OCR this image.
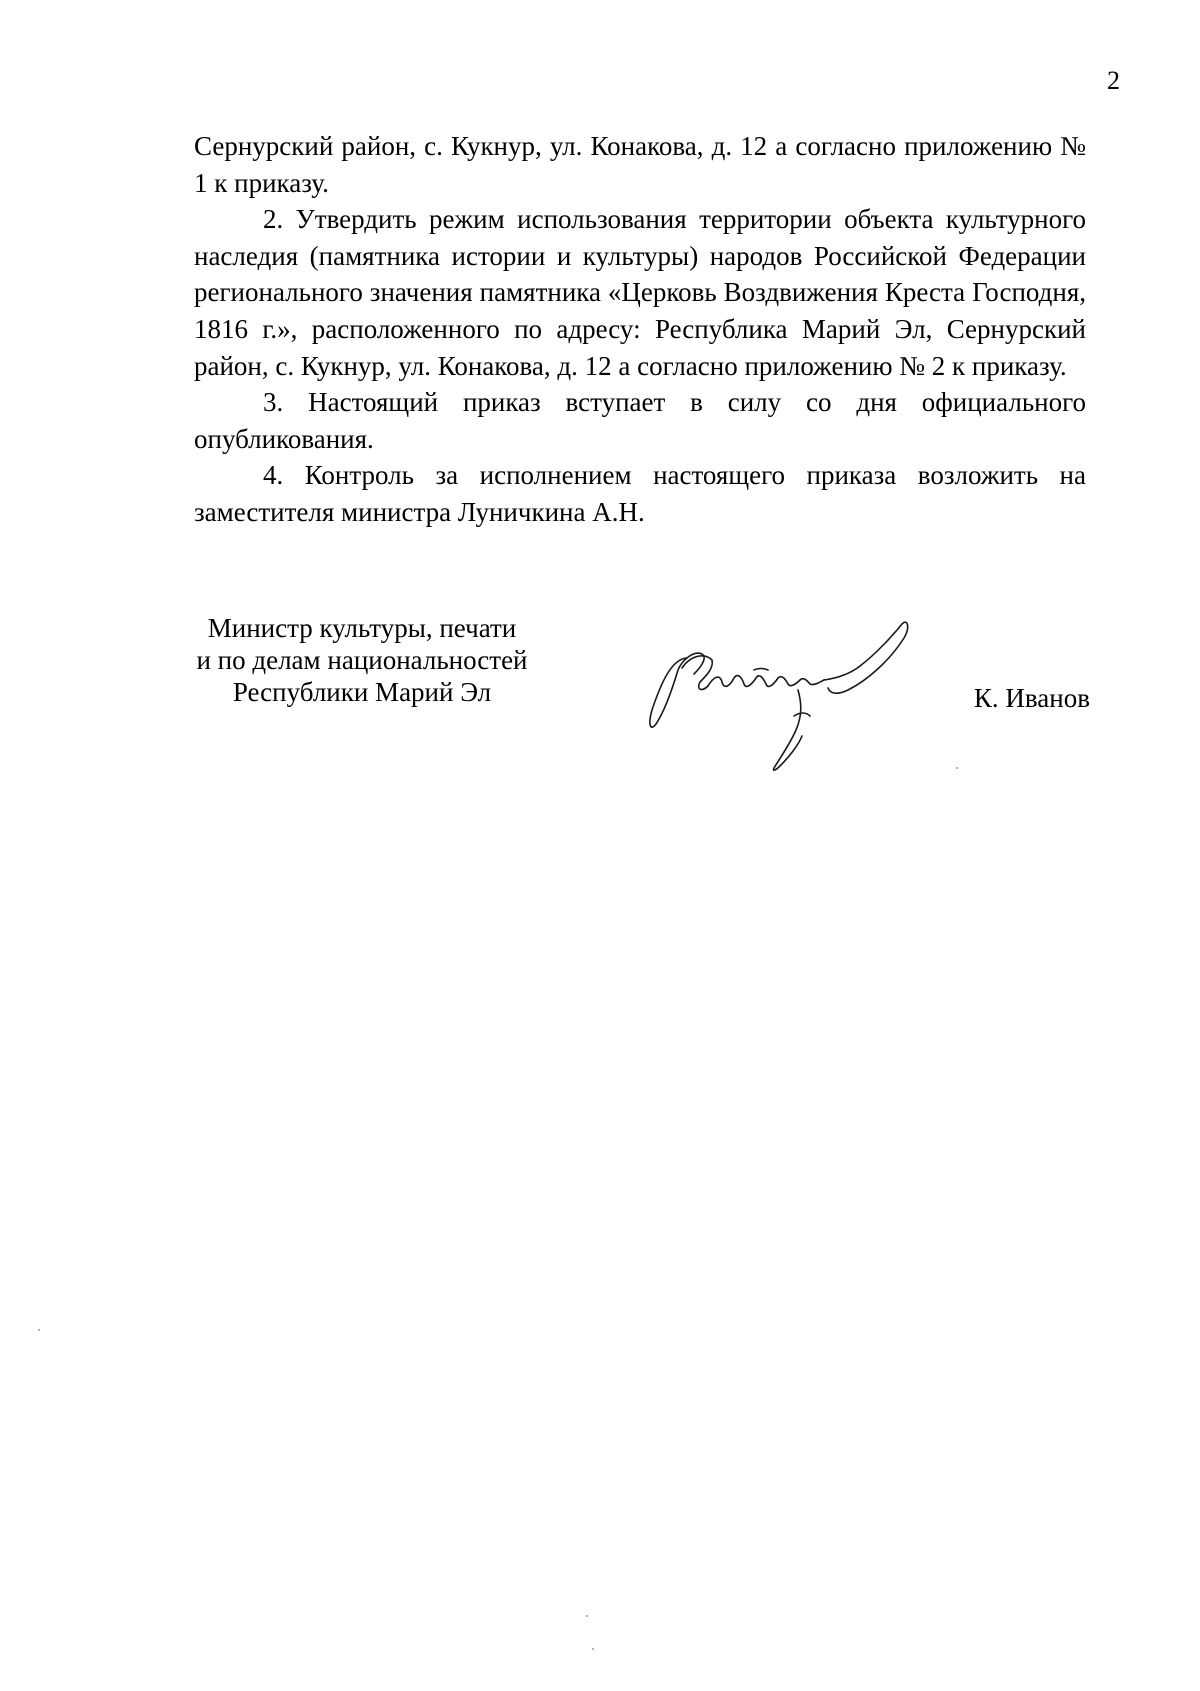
2

Сернурский район, с. Кукнур, ул. Конакова, д. 12 а согласно приложению № 1 к приказу.

2. Утвердить режим использования территории объекта культурного наследия (памятника истории и культуры) народов Российской Федерации регионального значения памятника «Церковь Воздвижения Креста Господня, 1816 г.», расположенного по адресу: Республика Марий Эл, Сернурский район, с. Кукнур, ул. Конакова, д. 12 а согласно приложению № 2 к приказу.

3. Настоящий приказ вступает в силу со дня официального опубликования.

4. Контроль за исполнением настоящего приказа возложить на заместителя министра Луничкина А.Н.

Министр культуры, печати
и по делам национальностей
Республики Марий Эл	К. Иванов
